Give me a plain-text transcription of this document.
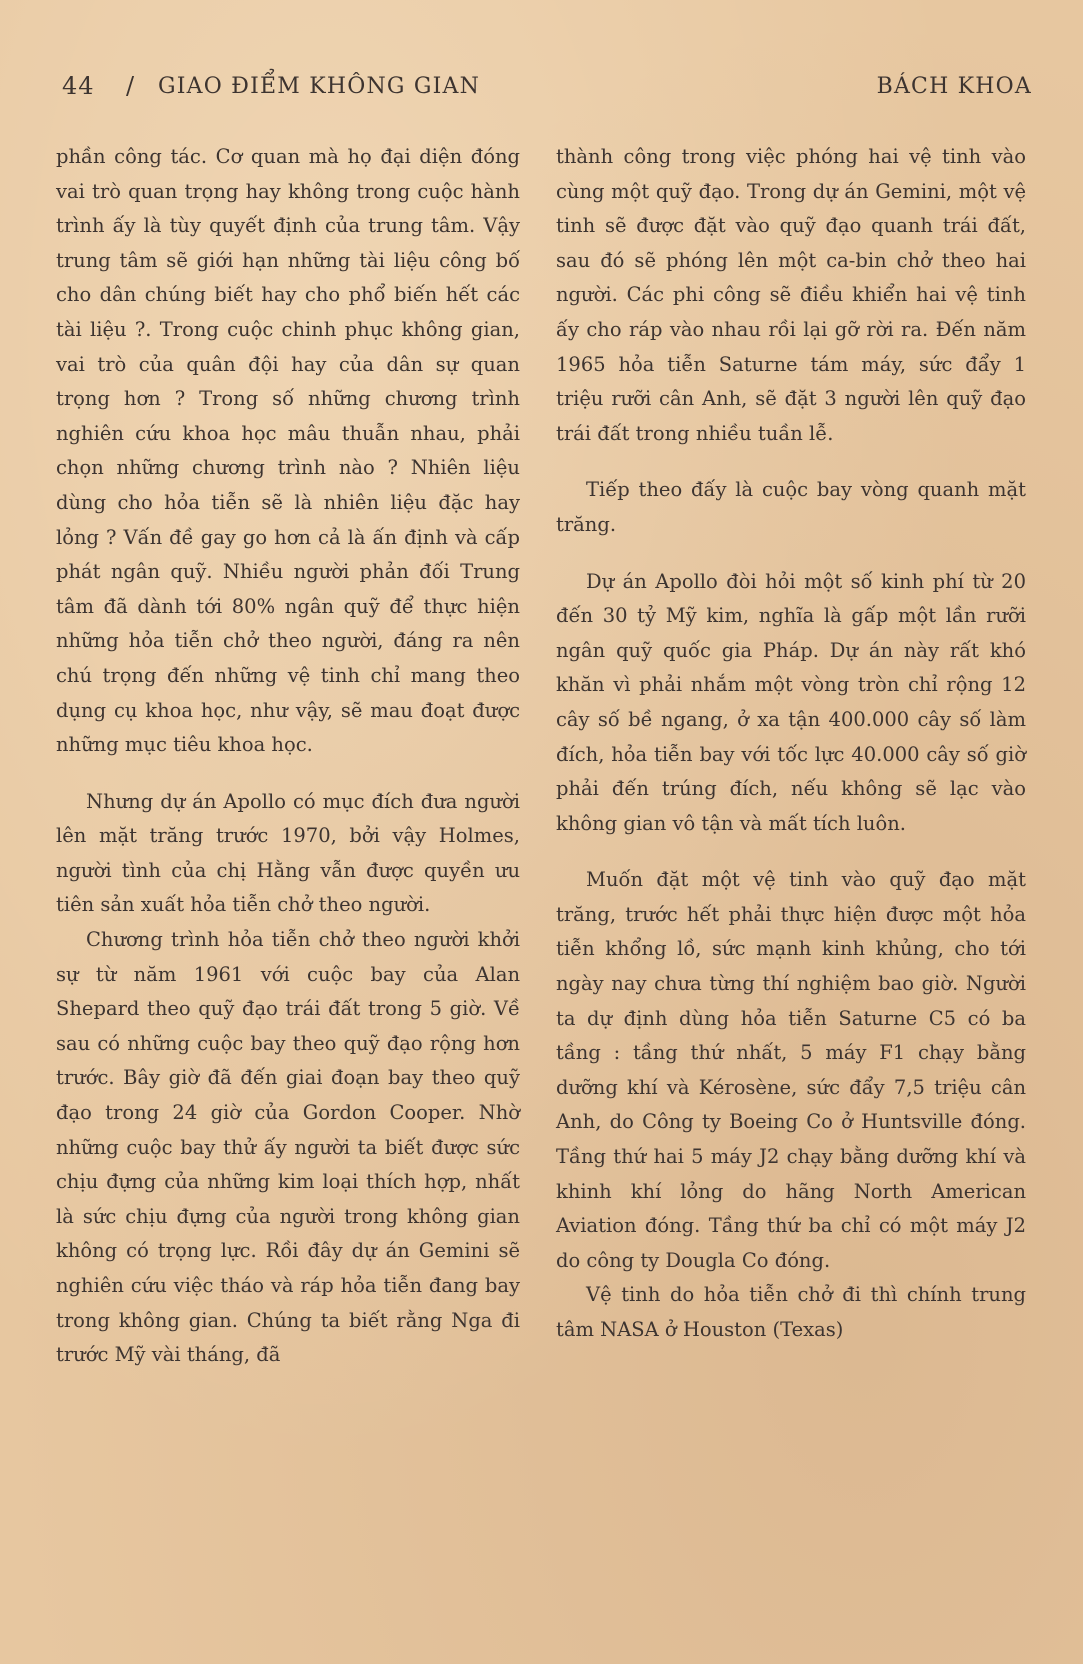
44 / GIAO ĐIỂM KHÔNG GIAN	BÁCH KHOA

phần công tác. Cơ quan mà họ đại diện đóng vai trò quan trọng hay không trong cuộc hành trình ấy là tùy quyết định của trung tâm. Vậy trung tâm sẽ giới hạn những tài liệu công bố cho dân chúng biết hay cho phổ biến hết các tài liệu ?. Trong cuộc chinh phục không gian, vai trò của quân đội hay của dân sự quan trọng hơn ? Trong số những chương trình nghiên cứu khoa học mâu thuẫn nhau, phải chọn những chương trình nào ? Nhiên liệu dùng cho hỏa tiễn sẽ là nhiên liệu đặc hay lỏng ? Vấn đề gay go hơn cả là ấn định và cấp phát ngân quỹ. Nhiều người phản đối Trung tâm đã dành tới 80% ngân quỹ để thực hiện những hỏa tiễn chở theo người, đáng ra nên chú trọng đến những vệ tinh chỉ mang theo dụng cụ khoa học, như vậy, sẽ mau đoạt được những mục tiêu khoa học.

Nhưng dự án Apollo có mục đích đưa người lên mặt trăng trước 1970, bởi vậy Holmes, người tình của chị Hằng vẫn được quyền ưu tiên sản xuất hỏa tiễn chở theo người.

Chương trình hỏa tiễn chở theo người khởi sự từ năm 1961 với cuộc bay của Alan Shepard theo quỹ đạo trái đất trong 5 giờ. Về sau có những cuộc bay theo quỹ đạo rộng hơn trước. Bây giờ đã đến giai đoạn bay theo quỹ đạo trong 24 giờ của Gordon Cooper. Nhờ những cuộc bay thử ấy người ta biết được sức chịu đựng của những kim loại thích hợp, nhất là sức chịu đựng của người trong không gian không có trọng lực. Rồi đây dự án Gemini sẽ nghiên cứu việc tháo và ráp hỏa tiễn đang bay trong không gian. Chúng ta biết rằng Nga đi trước Mỹ vài tháng, đã

thành công trong việc phóng hai vệ tinh vào cùng một quỹ đạo. Trong dự án Gemini, một vệ tinh sẽ được đặt vào quỹ đạo quanh trái đất, sau đó sẽ phóng lên một ca-bin chở theo hai người. Các phi công sẽ điều khiển hai vệ tinh ấy cho ráp vào nhau rồi lại gỡ rời ra. Đến năm 1965 hỏa tiễn Saturne tám máy, sức đẩy 1 triệu rưỡi cân Anh, sẽ đặt 3 người lên quỹ đạo trái đất trong nhiều tuần lễ.

Tiếp theo đấy là cuộc bay vòng quanh mặt trăng.

Dự án Apollo đòi hỏi một số kinh phí từ 20 đến 30 tỷ Mỹ kim, nghĩa là gấp một lần rưỡi ngân quỹ quốc gia Pháp. Dự án này rất khó khăn vì phải nhắm một vòng tròn chỉ rộng 12 cây số bề ngang, ở xa tận 400.000 cây số làm đích, hỏa tiễn bay với tốc lực 40.000 cây số giờ phải đến trúng đích, nếu không sẽ lạc vào không gian vô tận và mất tích luôn.

Muốn đặt một vệ tinh vào quỹ đạo mặt trăng, trước hết phải thực hiện được một hỏa tiễn khổng lồ, sức mạnh kinh khủng, cho tới ngày nay chưa từng thí nghiệm bao giờ. Người ta dự định dùng hỏa tiễn Saturne C5 có ba tầng : tầng thứ nhất, 5 máy F1 chạy bằng dưỡng khí và Kérosène, sức đẩy 7,5 triệu cân Anh, do Công ty Boeing Co ở Huntsville đóng. Tầng thứ hai 5 máy J2 chạy bằng dưỡng khí và khinh khí lỏng do hãng North American Aviation đóng. Tầng thứ ba chỉ có một máy J2 do công ty Dougla Co đóng.

Vệ tinh do hỏa tiễn chở đi thì chính trung tâm NASA ở Houston (Texas)
